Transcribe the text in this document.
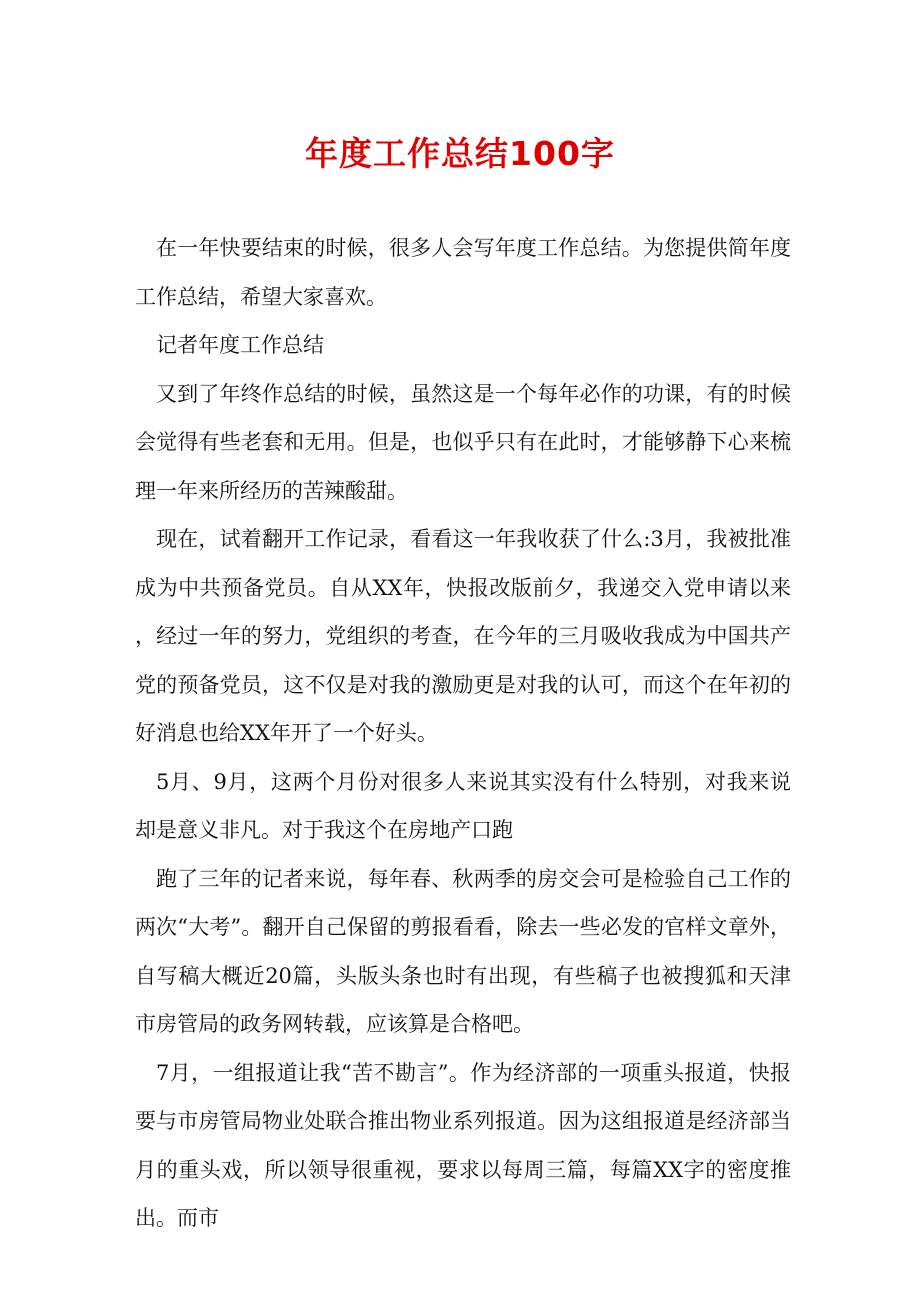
年度工作总结100字

在一年快要结束的时候，很多人会写年度工作总结。为您提供简年度工作总结，希望大家喜欢。

记者年度工作总结

又到了年终作总结的时候，虽然这是一个每年必作的功课，有的时候会觉得有些老套和无用。但是，也似乎只有在此时，才能够静下心来梳理一年来所经历的苦辣酸甜。

现在，试着翻开工作记录，看看这一年我收获了什么:3月，我被批准成为中共预备党员。自从XX年，快报改版前夕，我递交入党申请以来，经过一年的努力，党组织的考查，在今年的三月吸收我成为中国共产党的预备党员，这不仅是对我的激励更是对我的认可，而这个在年初的好消息也给XX年开了一个好头。

5月、9月，这两个月份对很多人来说其实没有什么特别，对我来说却是意义非凡。对于我这个在房地产口跑

跑了三年的记者来说，每年春、秋两季的房交会可是检验自己工作的两次“大考”。翻开自己保留的剪报看看，除去一些必发的官样文章外，自写稿大概近20篇，头版头条也时有出现，有些稿子也被搜狐和天津市房管局的政务网转载，应该算是合格吧。

7月，一组报道让我“苦不勘言”。作为经济部的一项重头报道，快报要与市房管局物业处联合推出物业系列报道。因为这组报道是经济部当月的重头戏，所以领导很重视，要求以每周三篇，每篇XX字的密度推出。而市
